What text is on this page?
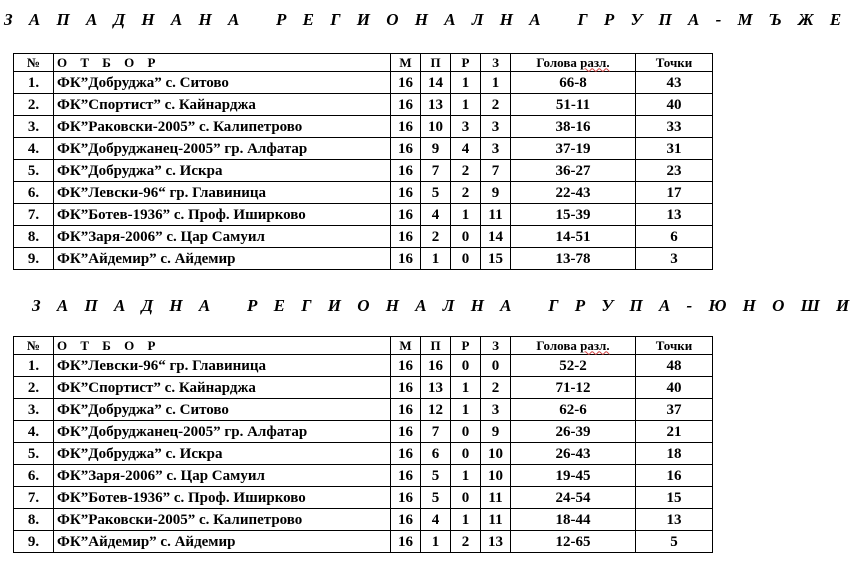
З А П А Д Н А Н А   Р Е Г И О Н А Л Н А   Г Р У П А - М Ъ Ж Е
№	О Т Б О Р	М	П	Р	З	Голова разл.	Точки
1.	ФК”Добруджа” с. Ситово	16	14	1	1	66-8	43
2.	ФК”Спортист” с. Кайнарджа	16	13	1	2	51-11	40
3.	ФК”Раковски-2005” с. Калипетрово	16	10	3	3	38-16	33
4.	ФК”Добруджанец-2005” гр. Алфатар	16	9	4	3	37-19	31
5.	ФК”Добруджа” с. Искра	16	7	2	7	36-27	23
6.	ФК”Левски-96“ гр. Главиница	16	5	2	9	22-43	17
7.	ФК”Ботев-1936” с. Проф. Иширково	16	4	1	11	15-39	13
8.	ФК”Заря-2006” с. Цар Самуил	16	2	0	14	14-51	6
9.	ФК”Айдемир” с. Айдемир	16	1	0	15	13-78	3
З А П А Д Н А   Р Е Г И О Н А Л Н А   Г Р У П А - Ю Н О Ш И
№	О Т Б О Р	М	П	Р	З	Голова разл.	Точки
1.	ФК”Левски-96“ гр. Главиница	16	16	0	0	52-2	48
2.	ФК”Спортист” с. Кайнарджа	16	13	1	2	71-12	40
3.	ФК”Добруджа” с. Ситово	16	12	1	3	62-6	37
4.	ФК”Добруджанец-2005” гр. Алфатар	16	7	0	9	26-39	21
5.	ФК”Добруджа” с. Искра	16	6	0	10	26-43	18
6.	ФК”Заря-2006” с. Цар Самуил	16	5	1	10	19-45	16
7.	ФК”Ботев-1936” с. Проф. Иширково	16	5	0	11	24-54	15
8.	ФК”Раковски-2005” с. Калипетрово	16	4	1	11	18-44	13
9.	ФК”Айдемир” с. Айдемир	16	1	2	13	12-65	5
